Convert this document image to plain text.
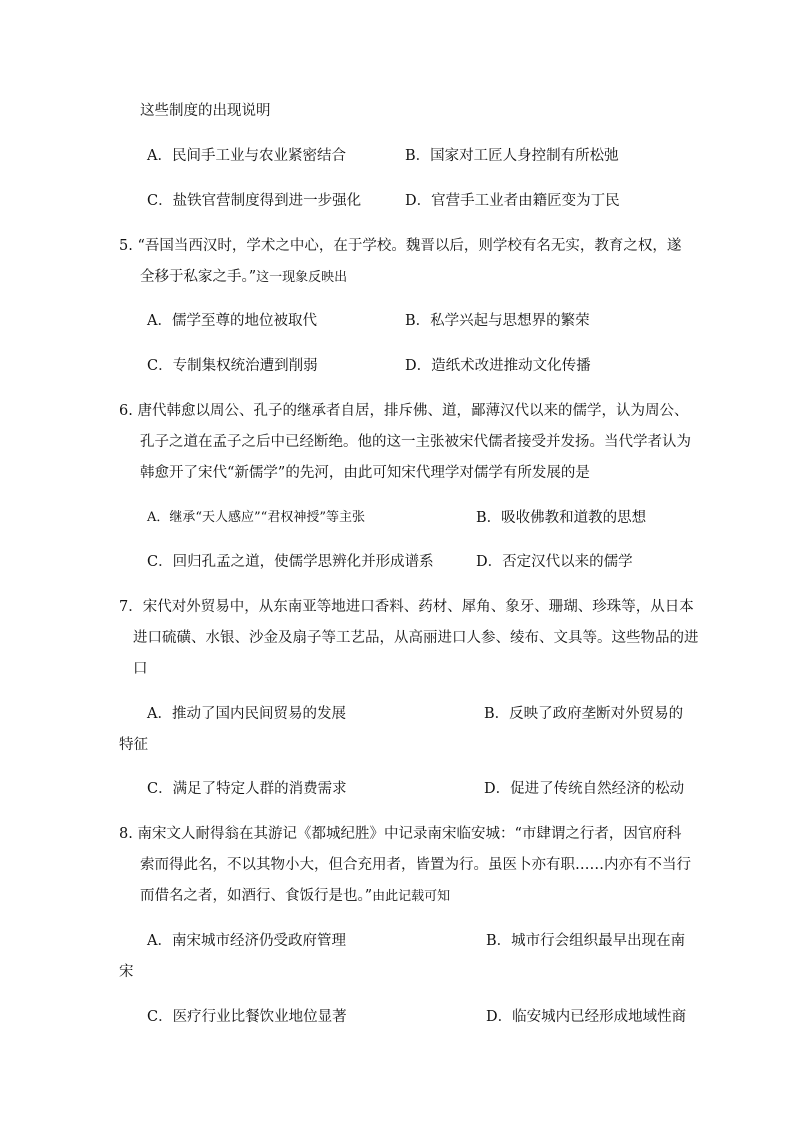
这些制度的出现说明
A．民间手工业与农业紧密结合	B．国家对工匠人身控制有所松弛
C．盐铁官营制度得到进一步强化	D．官营手工业者由籍匠变为丁民
5. “吾国当西汉时，学术之中心，在于学校。魏晋以后，则学校有名无实，教育之权，遂
全移于私家之手。”这一现象反映出
A．儒学至尊的地位被取代	B．私学兴起与思想界的繁荣
C．专制集权统治遭到削弱	D．造纸术改进推动文化传播
6. 唐代韩愈以周公、孔子的继承者自居，排斥佛、道，鄙薄汉代以来的儒学，认为周公、
孔子之道在孟子之后中已经断绝。他的这一主张被宋代儒者接受并发扬。当代学者认为
韩愈开了宋代“新儒学”的先河，由此可知宋代理学对儒学有所发展的是
A．继承“天人感应”“君权神授”等主张	B．吸收佛教和道教的思想
C．回归孔孟之道，使儒学思辨化并形成谱系	D．否定汉代以来的儒学
7．宋代对外贸易中，从东南亚等地进口香料、药材、犀角、象牙、珊瑚、珍珠等，从日本
进口硫磺、水银、沙金及扇子等工艺品，从高丽进口人参、绫布、文具等。这些物品的进
口
A．推动了国内民间贸易的发展	B．反映了政府垄断对外贸易的
特征
C．满足了特定人群的消费需求	D．促进了传统自然经济的松动
8. 南宋文人耐得翁在其游记《都城纪胜》中记录南宋临安城：“市肆谓之行者，因官府科
索而得此名，不以其物小大，但合充用者，皆置为行。虽医卜亦有职……内亦有不当行
而借名之者，如酒行、食饭行是也。”由此记载可知
A．南宋城市经济仍受政府管理	B．城市行会组织最早出现在南
宋
C．医疗行业比餐饮业地位显著	D．临安城内已经形成地域性商
